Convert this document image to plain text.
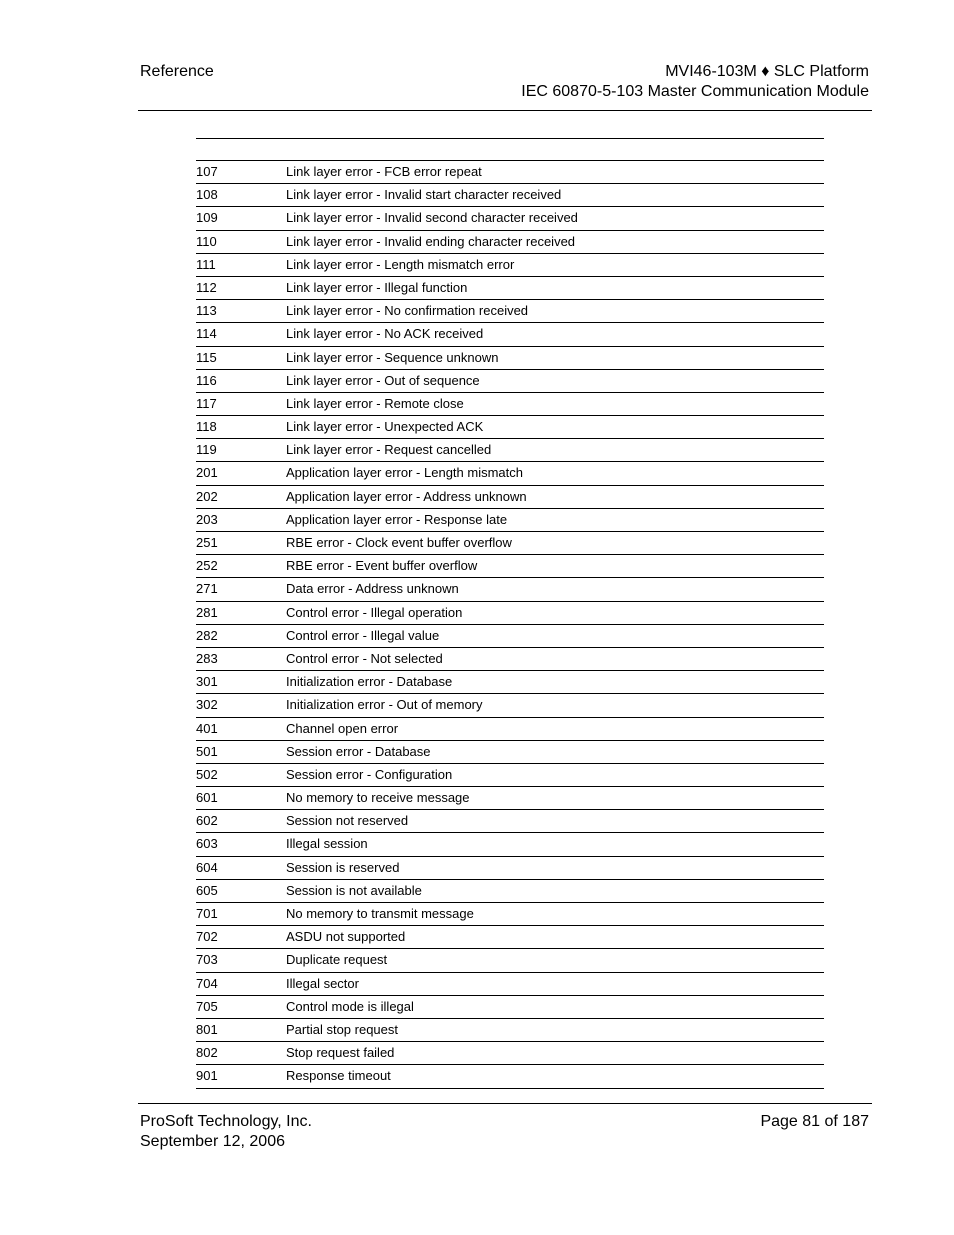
Reference	MVI46-103M ♦ SLC Platform
IEC 60870-5-103 Master Communication Module
107	Link layer error - FCB error repeat
108	Link layer error - Invalid start character received
109	Link layer error - Invalid second character received
110	Link layer error - Invalid ending character received
111	Link layer error - Length mismatch error
112	Link layer error - Illegal function
113	Link layer error - No confirmation received
114	Link layer error - No ACK received
115	Link layer error - Sequence unknown
116	Link layer error - Out of sequence
117	Link layer error - Remote close
118	Link layer error - Unexpected ACK
119	Link layer error - Request cancelled
201	Application layer error - Length mismatch
202	Application layer error - Address unknown
203	Application layer error - Response late
251	RBE error - Clock event buffer overflow
252	RBE error - Event buffer overflow
271	Data error - Address unknown
281	Control error - Illegal operation
282	Control error - Illegal value
283	Control error - Not selected
301	Initialization error - Database
302	Initialization error - Out of memory
401	Channel open error
501	Session error - Database
502	Session error - Configuration
601	No memory to receive message
602	Session not reserved
603	Illegal session
604	Session is reserved
605	Session is not available
701	No memory to transmit message
702	ASDU not supported
703	Duplicate request
704	Illegal sector
705	Control mode is illegal
801	Partial stop request
802	Stop request failed
901	Response timeout
ProSoft Technology, Inc.
September 12, 2006
Page 81 of 187
